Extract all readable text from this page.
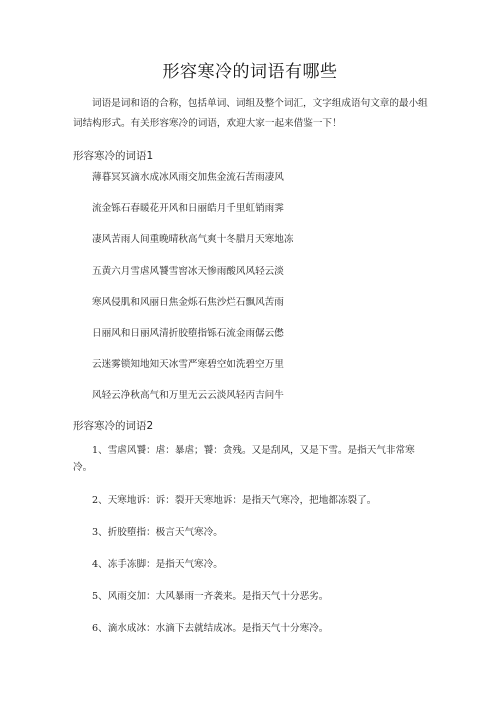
形容寒冷的词语有哪些

词语是词和语的合称，包括单词、词组及整个词汇，文字组成语句文章的最小组词结构形式。有关形容寒冷的词语，欢迎大家一起来借鉴一下！

形容寒冷的词语1
薄暮冥冥滴水成冰风雨交加焦金流石苦雨凄风
流金铄石春暖花开风和日丽皓月千里虹销雨霁
凄风苦雨人间重晚晴秋高气爽十冬腊月天寒地冻
五黄六月雪虐风饕雪窖冰天惨雨酸风风轻云淡
寒风侵肌和风丽日焦金烁石焦沙烂石飘风苦雨
日丽风和日丽风清折胶堕指铄石流金雨僝云僽
云迷雾锁知地知天冰雪严寒碧空如洗碧空万里
风轻云净秋高气和万里无云云淡风轻丙吉问牛
形容寒冷的词语2
1、雪虐风饕：虐：暴虐；饕：贪残。又是刮风，又是下雪。是指天气非常寒冷。
2、天寒地诉：诉：裂开天寒地诉：是指天气寒冷，把地都冻裂了。
3、折胶堕指：极言天气寒冷。
4、冻手冻脚：是指天气寒冷。
5、风雨交加：大风暴雨一齐袭来。是指天气十分恶劣。
6、滴水成冰：水滴下去就结成冰。是指天气十分寒冷。
